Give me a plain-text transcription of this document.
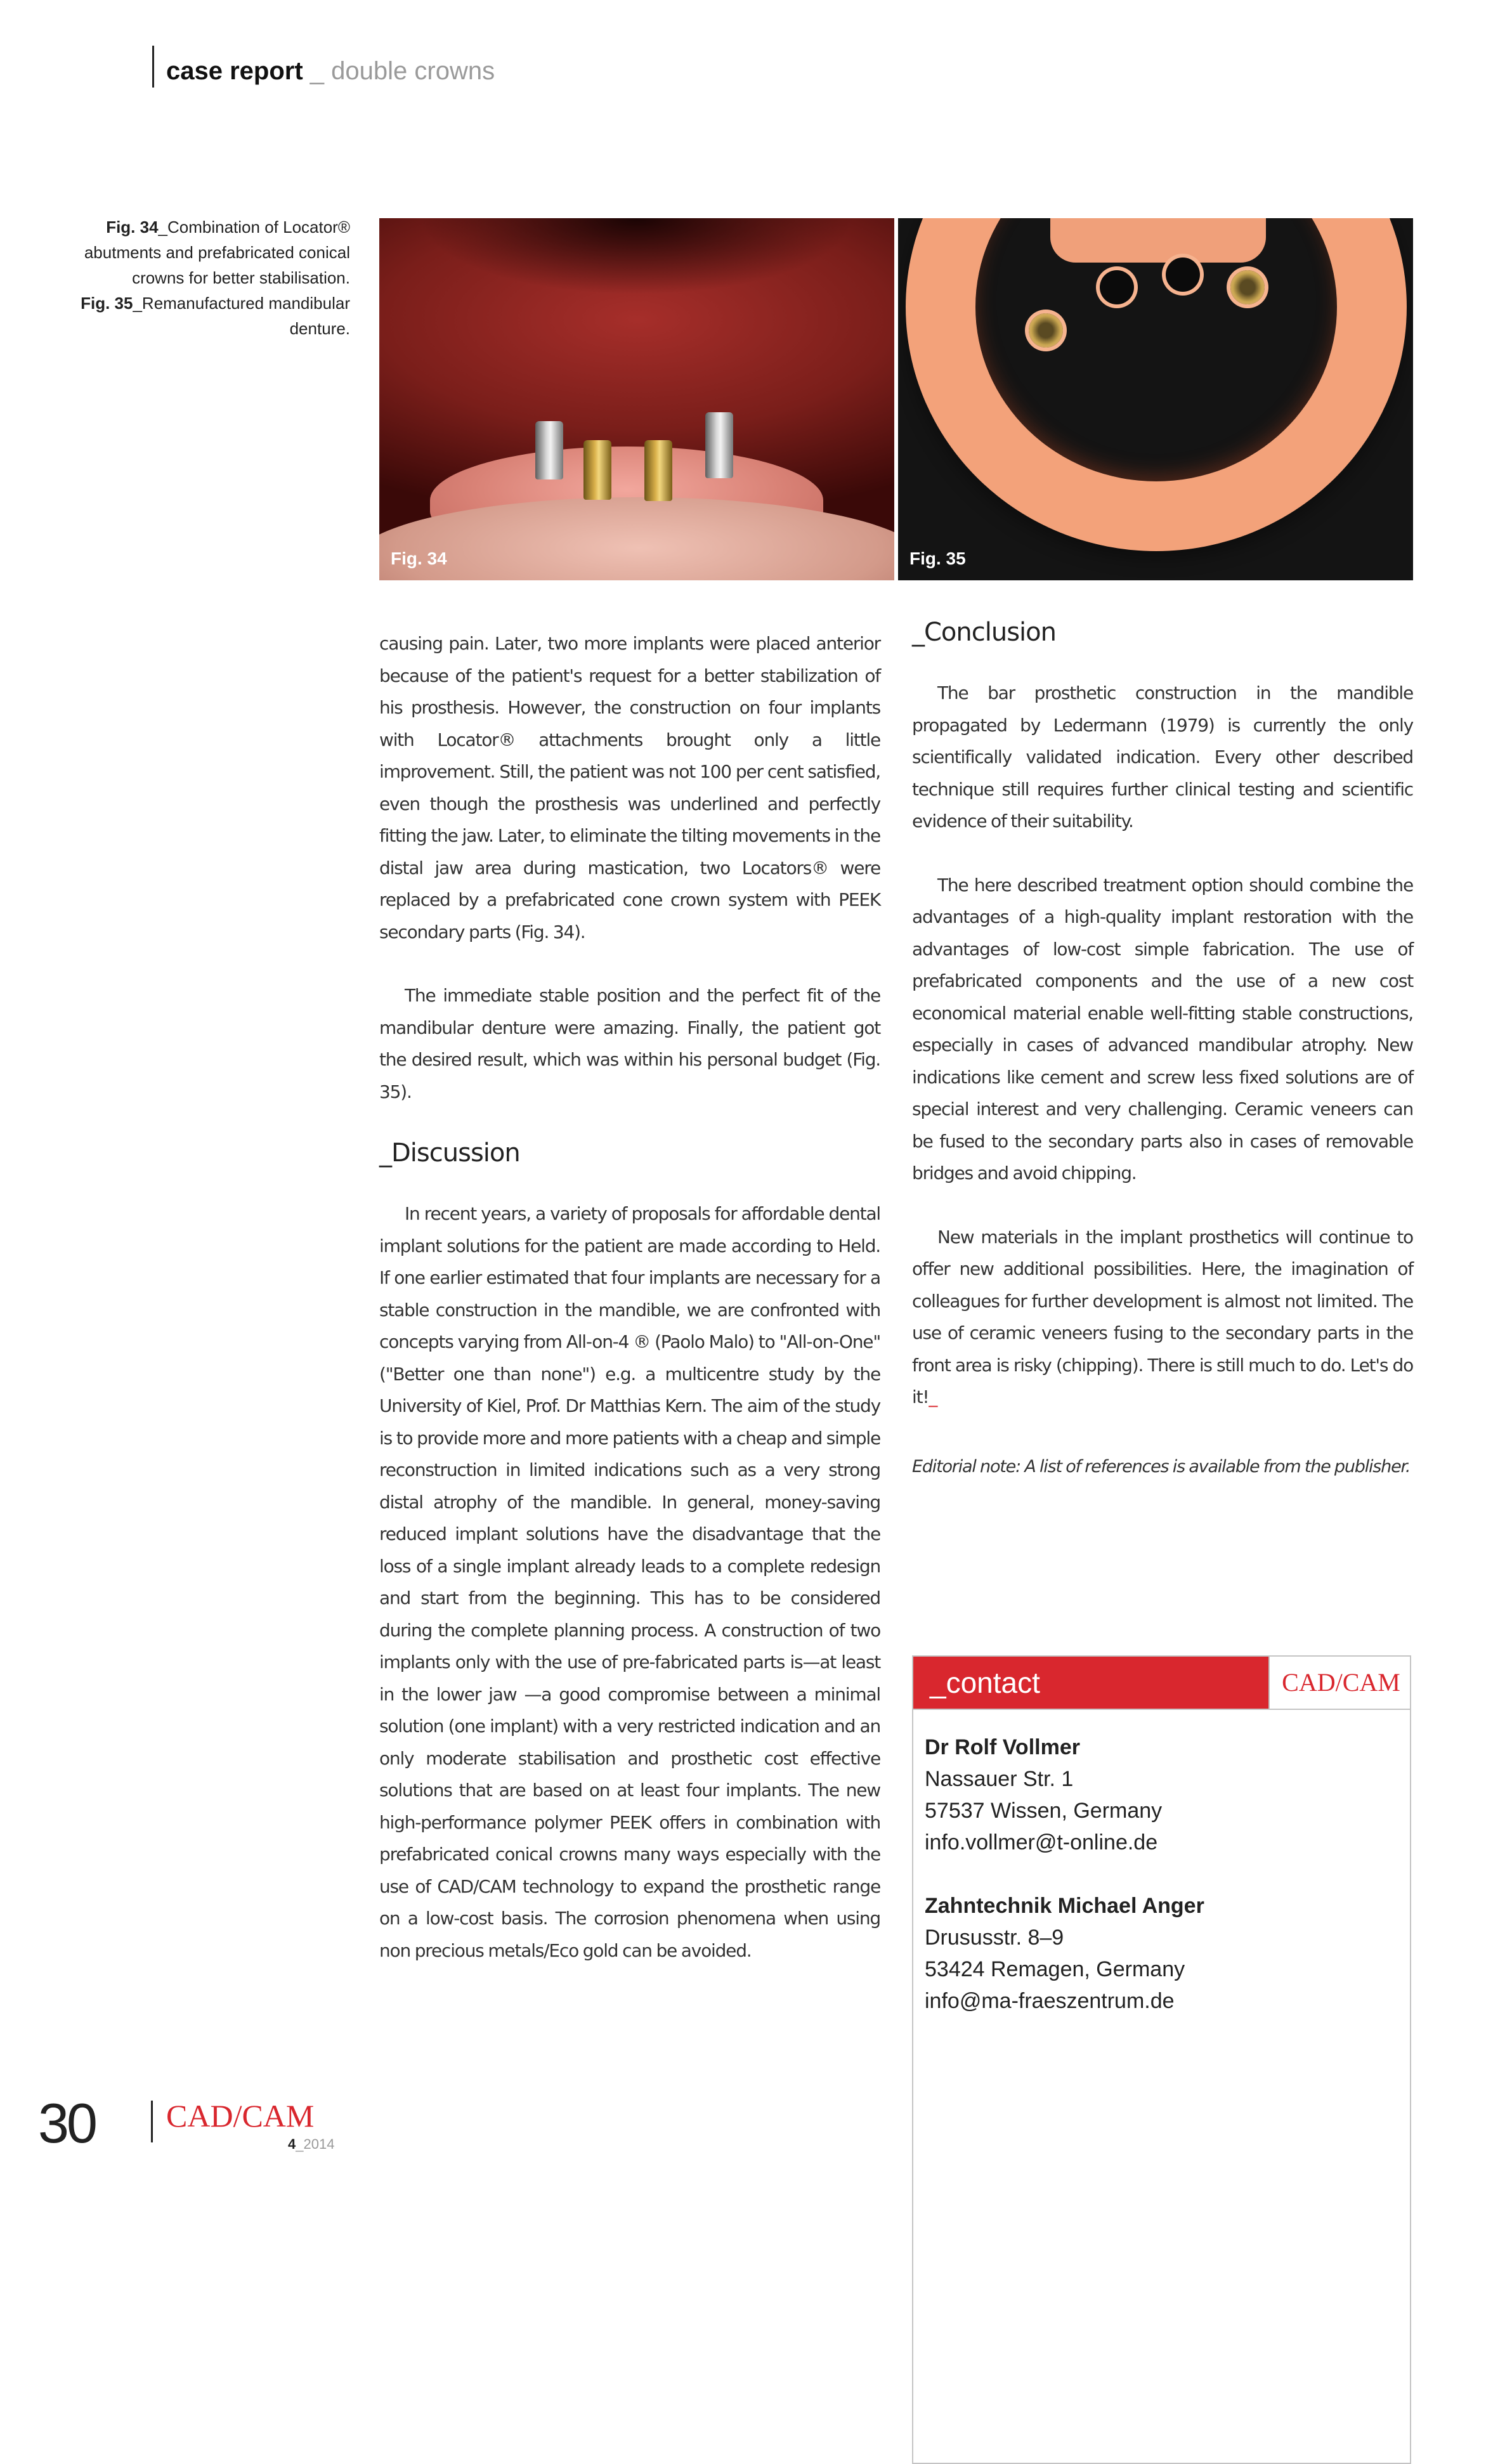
case report _ double crowns

Fig. 34_Combination of Locator® abutments and prefabricated conical crowns for better stabilisation.

Fig. 35_Remanufactured mandibular denture.

Fig. 34	Fig. 35

causing pain. Later, two more implants were placed anterior because of the patient's request for a better stabilization of his prosthesis. However, the construction on four implants with Locator® attachments brought only a little improvement. Still, the patient was not 100 per cent satisfied, even though the prosthesis was underlined and perfectly fitting the jaw. Later, to eliminate the tilting movements in the distal jaw area during mastication, two Locators® were replaced by a prefabricated cone crown system with PEEK secondary parts (Fig. 34).

The immediate stable position and the perfect fit of the mandibular denture were amazing. Finally, the patient got the desired result, which was within his personal budget (Fig. 35).

_Discussion

In recent years, a variety of proposals for affordable dental implant solutions for the patient are made according to Held. If one earlier estimated that four implants are necessary for a stable construction in the mandible, we are confronted with concepts varying from All-on-4 ® (Paolo Malo) to "All-on-One" ("Better one than none") e.g. a multicentre study by the University of Kiel, Prof. Dr Matthias Kern. The aim of the study is to provide more and more patients with a cheap and simple reconstruction in limited indications such as a very strong distal atrophy of the mandible. In general, money-saving reduced implant solutions have the disadvantage that the loss of a single implant already leads to a complete redesign and start from the beginning. This has to be considered during the complete planning process. A construction of two implants only with the use of pre-fabricated parts is—at least in the lower jaw —a good compromise between a minimal solution (one implant) with a very restricted indication and an only moderate stabilisation and prosthetic cost effective solutions that are based on at least four implants. The new high-performance polymer PEEK offers in combination with prefabricated conical crowns many ways especially with the use of CAD/CAM technology to expand the prosthetic range on a low-cost basis. The corrosion phenomena when using non precious metals/Eco gold can be avoided.

_Conclusion

The bar prosthetic construction in the mandible propagated by Ledermann (1979) is currently the only scientifically validated indication. Every other described technique still requires further clinical testing and scientific evidence of their suitability.

The here described treatment option should combine the advantages of a high-quality implant restoration with the advantages of low-cost simple fabrication. The use of prefabricated components and the use of a new cost economical material enable well-fitting stable constructions, especially in cases of advanced mandibular atrophy. New indications like cement and screw less fixed solutions are of special interest and very challenging. Ceramic veneers can be fused to the secondary parts also in cases of removable bridges and avoid chipping.

New materials in the implant prosthetics will continue to offer new additional possibilities. Here, the imagination of colleagues for further development is almost not limited. The use of ceramic veneers fusing to the secondary parts in the front area is risky (chipping). There is still much to do. Let's do it!_

Editorial note: A list of references is available from the publisher.

_contact	CAD/CAM
Dr Rolf Vollmer
Nassauer Str. 1
57537 Wissen, Germany
info.vollmer@t-online.de
Zahntechnik Michael Anger
Drususstr. 8–9
53424 Remagen, Germany
info@ma-fraeszentrum.de
30 CAD/CAM
4_2014
